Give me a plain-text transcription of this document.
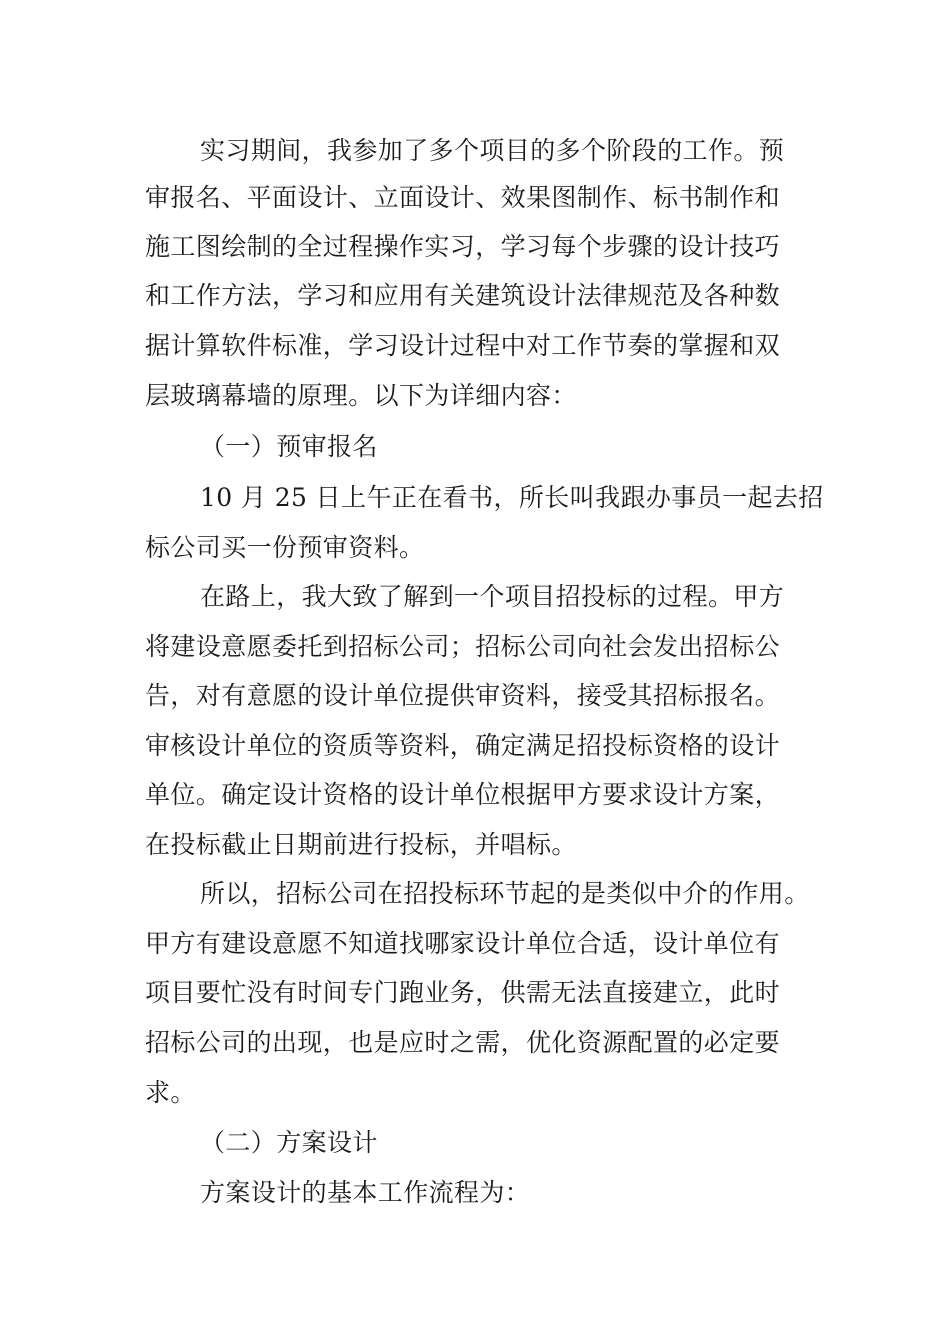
实习期间，我参加了多个项目的多个阶段的工作。预
审报名、平面设计、立面设计、效果图制作、标书制作和
施工图绘制的全过程操作实习，学习每个步骤的设计技巧
和工作方法，学习和应用有关建筑设计法律规范及各种数
据计算软件标准，学习设计过程中对工作节奏的掌握和双
层玻璃幕墙的原理。以下为详细内容：
（一）预审报名
10 月 25 日上午正在看书，所长叫我跟办事员一起去招
标公司买一份预审资料。
在路上，我大致了解到一个项目招投标的过程。甲方
将建设意愿委托到招标公司；招标公司向社会发出招标公
告，对有意愿的设计单位提供审资料，接受其招标报名。
审核设计单位的资质等资料，确定满足招投标资格的设计
单位。确定设计资格的设计单位根据甲方要求设计方案，
在投标截止日期前进行投标，并唱标。
所以，招标公司在招投标环节起的是类似中介的作用。
甲方有建设意愿不知道找哪家设计单位合适，设计单位有
项目要忙没有时间专门跑业务，供需无法直接建立，此时
招标公司的出现，也是应时之需，优化资源配置的必定要
求。
（二）方案设计
方案设计的基本工作流程为：
